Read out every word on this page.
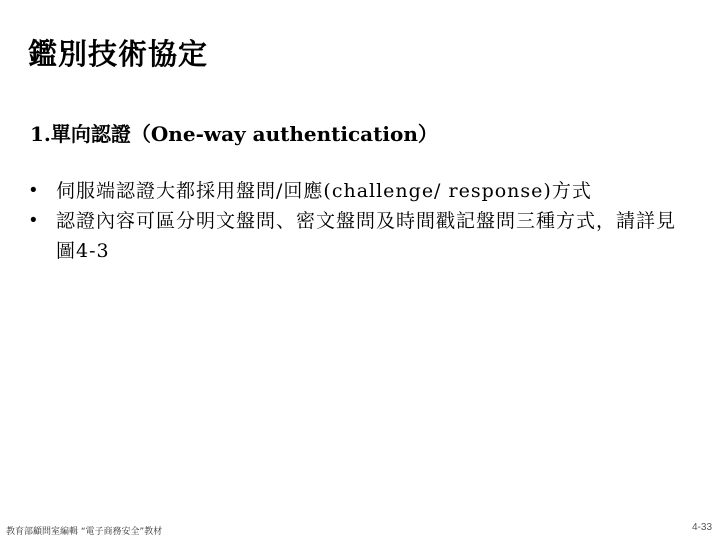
鑑別技術協定
1.單向認證（One-way authentication）
• 伺服端認證大都採用盤問/回應(challenge/ response)方式
• 認證內容可區分明文盤問、密文盤問及時間戳記盤問三種方式，請詳見圖4-3
教育部顧問室編輯 “電子商務安全”教材	4-33
